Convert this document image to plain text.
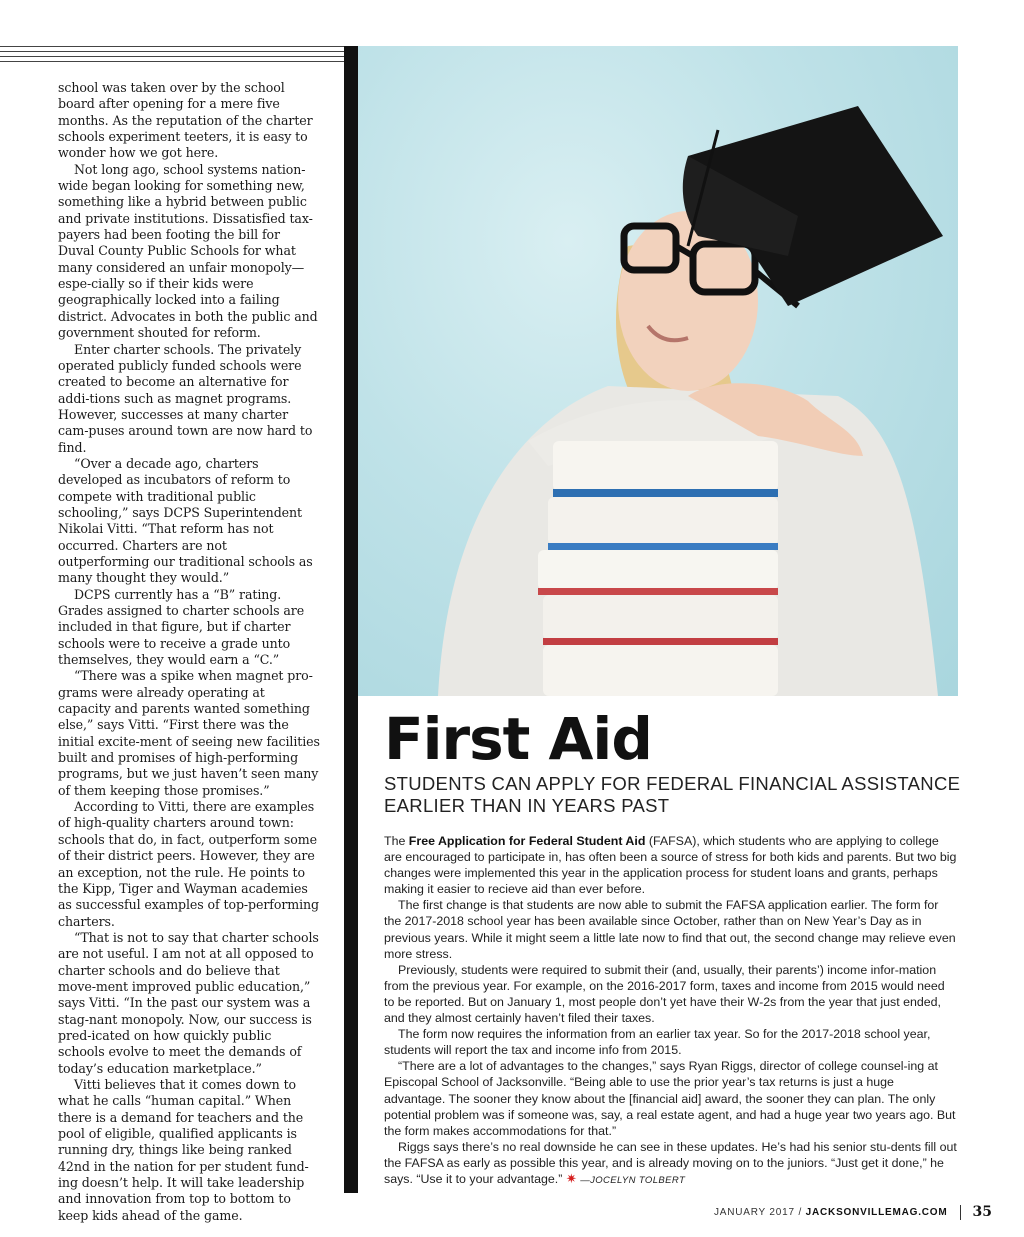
school was taken over by the school board after opening for a mere five months. As the reputation of the charter schools experiment teeters, it is easy to wonder how we got here.

Not long ago, school systems nation-wide began looking for something new, something like a hybrid between public and private institutions. Dissatisfied tax-payers had been footing the bill for Duval County Public Schools for what many considered an unfair monopoly—espe-cially so if their kids were geographically locked into a failing district. Advocates in both the public and government shouted for reform.

Enter charter schools. The privately operated publicly funded schools were created to become an alternative for addi-tions such as magnet programs. However, successes at many charter cam-puses around town are now hard to find.

“Over a decade ago, charters developed as incubators of reform to compete with traditional public schooling,” says DCPS Superintendent Nikolai Vitti. “That reform has not occurred. Charters are not outperforming our traditional schools as many thought they would.”

DCPS currently has a “B” rating. Grades assigned to charter schools are included in that figure, but if charter schools were to receive a grade unto themselves, they would earn a “C.”

“There was a spike when magnet pro-grams were already operating at capacity and parents wanted something else,” says Vitti. “First there was the initial excite-ment of seeing new facilities built and promises of high-performing programs, but we just haven’t seen many of them keeping those promises.”

According to Vitti, there are examples of high-quality charters around town: schools that do, in fact, outperform some of their district peers. However, they are an exception, not the rule. He points to the Kipp, Tiger and Wayman academies as successful examples of top-performing charters.

“That is not to say that charter schools are not useful. I am not at all opposed to charter schools and do believe that move-ment improved public education,” says Vitti. “In the past our system was a stag-nant monopoly. Now, our success is pred-icated on how quickly public schools evolve to meet the demands of today’s education marketplace.”

Vitti believes that it comes down to what he calls “human capital.” When there is a demand for teachers and the pool of eligible, qualified applicants is running dry, things like being ranked 42nd in the nation for per student fund-ing doesn’t help. It will take leadership and innovation from top to bottom to keep kids ahead of the game.

First Aid
STUDENTS CAN APPLY FOR FEDERAL FINANCIAL ASSISTANCE EARLIER THAN IN YEARS PAST

The Free Application for Federal Student Aid (FAFSA), which students who are applying to college are encouraged to participate in, has often been a source of stress for both kids and parents. But two big changes were implemented this year in the application process for student loans and grants, perhaps making it easier to recieve aid than ever before.

The first change is that students are now able to submit the FAFSA application earlier. The form for the 2017-2018 school year has been available since October, rather than on New Year’s Day as in previous years. While it might seem a little late now to find that out, the second change may relieve even more stress.

Previously, students were required to submit their (and, usually, their parents’) income infor-mation from the previous year. For example, on the 2016-2017 form, taxes and income from 2015 would need to be reported. But on January 1, most people don’t yet have their W-2s from the year that just ended, and they almost certainly haven’t filed their taxes.

The form now requires the information from an earlier tax year. So for the 2017-2018 school year, students will report the tax and income info from 2015.

“There are a lot of advantages to the changes,” says Ryan Riggs, director of college counsel-ing at Episcopal School of Jacksonville. “Being able to use the prior year’s tax returns is just a huge advantage. The sooner they know about the [financial aid] award, the sooner they can plan. The only potential problem was if someone was, say, a real estate agent, and had a huge year two years ago. But the form makes accommodations for that.”

Riggs says there’s no real downside he can see in these updates. He’s had his senior stu-dents fill out the FAFSA as early as possible this year, and is already moving on to the juniors. “Just get it done,” he says. “Use it to your advantage.” ✷ —JOCELYN TOLBERT

JANUARY 2017 /
JACKSONVILLEMAG.COM 35
